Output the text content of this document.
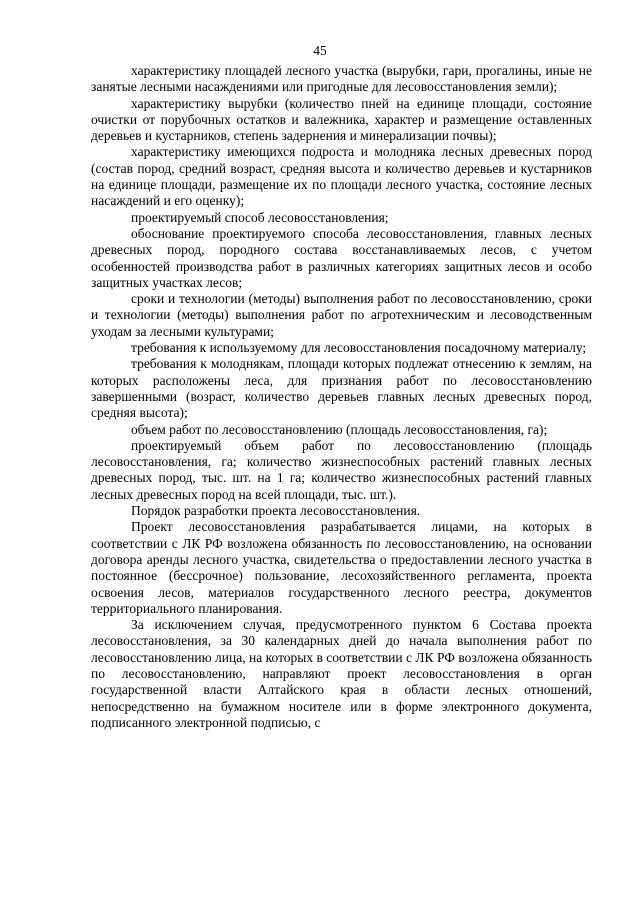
45

характеристику площадей лесного участка (вырубки, гари, прогалины, иные не занятые лесными насаждениями или пригодные для лесовосстановления земли);

характеристику вырубки (количество пней на единице площади, состояние очистки от порубочных остатков и валежника, характер и размещение оставленных деревьев и кустарников, степень задернения и минерализации почвы);

характеристику имеющихся подроста и молодняка лесных древесных пород (состав пород, средний возраст, средняя высота и количество деревьев и кустарников на единице площади, размещение их по площади лесного участка, состояние лесных насаждений и его оценку);

проектируемый способ лесовосстановления;

обоснование проектируемого способа лесовосстановления, главных лесных древесных пород, породного состава восстанавливаемых лесов, с учетом особенностей производства работ в различных категориях защитных лесов и особо защитных участках лесов;

сроки и технологии (методы) выполнения работ по лесовосстановлению, сроки и технологии (методы) выполнения работ по агротехническим и лесоводственным уходам за лесными культурами;

требования к используемому для лесовосстановления посадочному материалу;

требования к молоднякам, площади которых подлежат отнесению к землям, на которых расположены леса, для признания работ по лесовосстановлению завершенными (возраст, количество деревьев главных лесных древесных пород, средняя высота);

объем работ по лесовосстановлению (площадь лесовосстановления, га);

проектируемый объем работ по лесовосстановлению (площадь лесовосстановления, га; количество жизнеспособных растений главных лесных древесных пород, тыс. шт. на 1 га; количество жизнеспособных растений главных лесных древесных пород на всей площади, тыс. шт.).

Порядок разработки проекта лесовосстановления.

Проект лесовосстановления разрабатывается лицами, на которых в соответствии с ЛК РФ возложена обязанность по лесовосстановлению, на основании договора аренды лесного участка, свидетельства о предоставлении лесного участка в постоянное (бессрочное) пользование, лесохозяйственного регламента, проекта освоения лесов, материалов государственного лесного реестра, документов территориального планирования.

За исключением случая, предусмотренного пунктом 6 Состава проекта лесовосстановления, за 30 календарных дней до начала выполнения работ по лесовосстановлению лица, на которых в соответствии с ЛК РФ возложена обязанность по лесовосстановлению, направляют проект лесовосстановления в орган государственной власти Алтайского края в области лесных отношений, непосредственно на бумажном носителе или в форме электронного документа, подписанного электронной подписью, с
